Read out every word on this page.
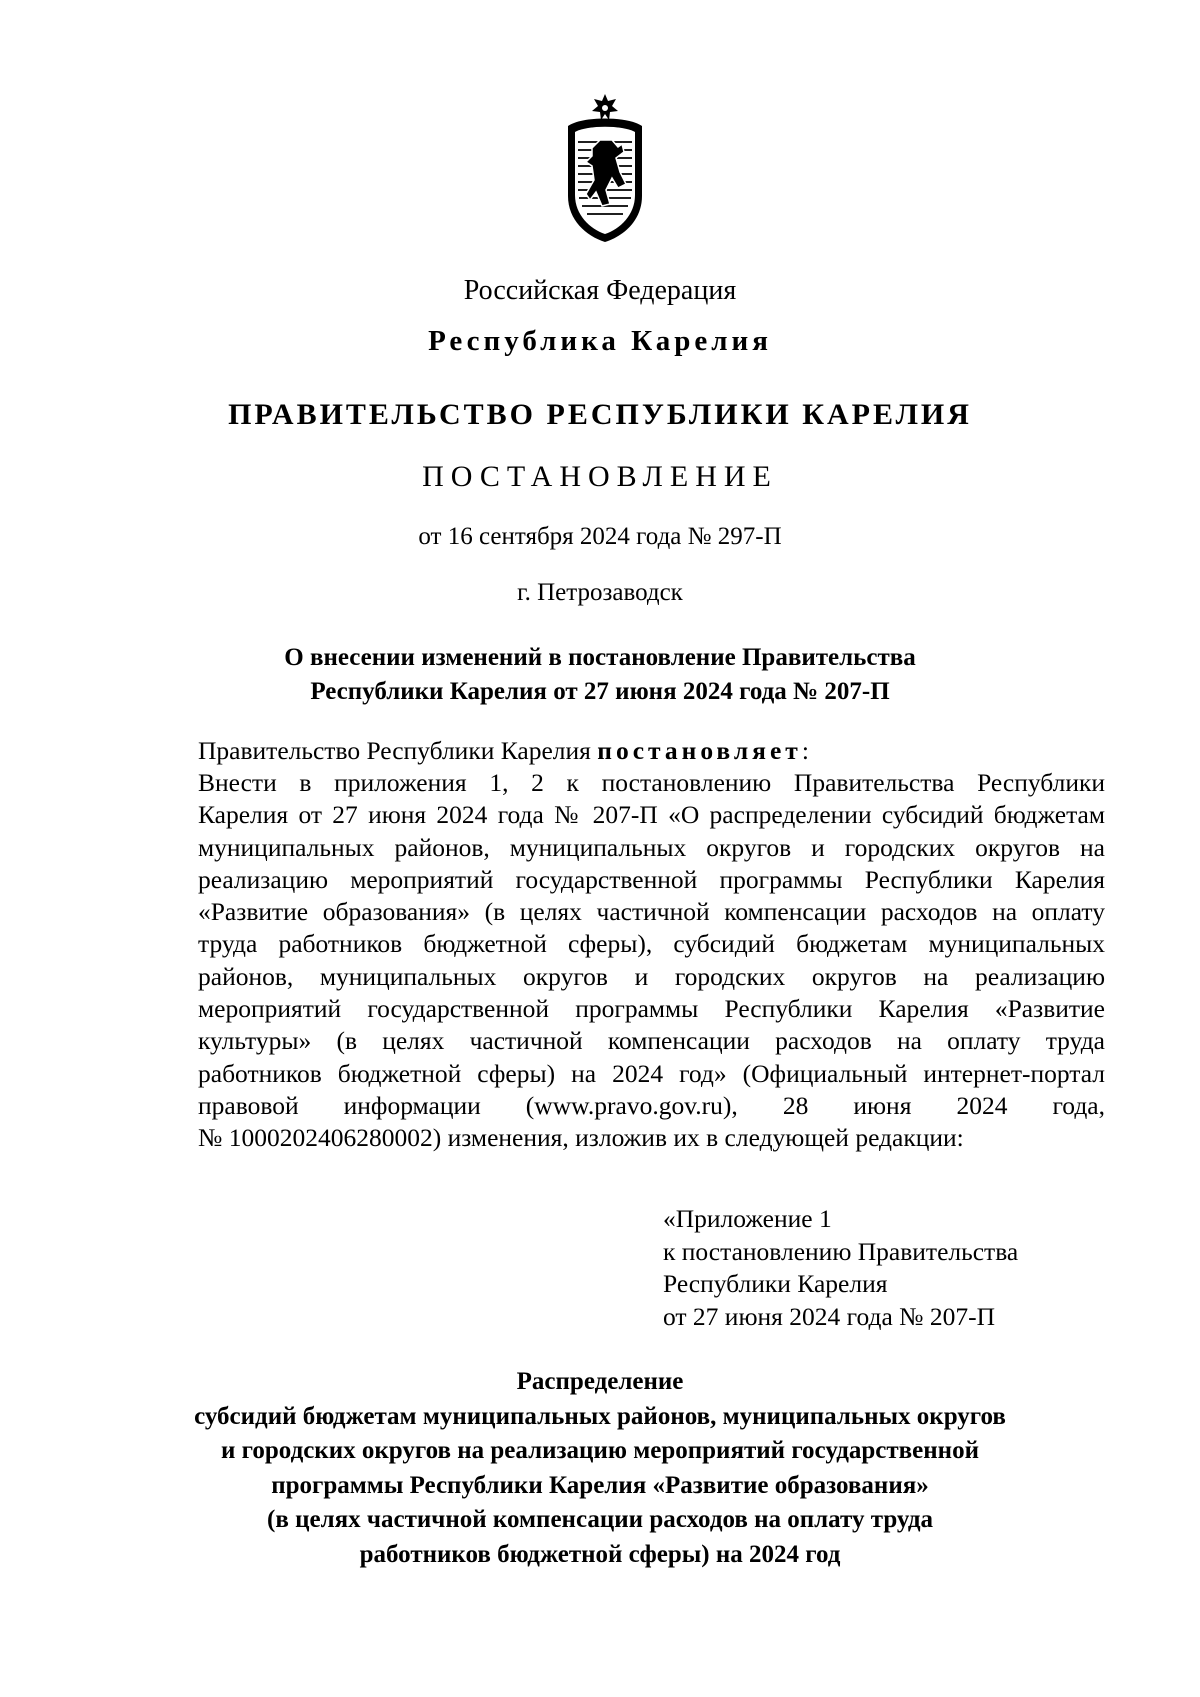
Российская Федерация
Республика Карелия
ПРАВИТЕЛЬСТВО РЕСПУБЛИКИ КАРЕЛИЯ
ПОСТАНОВЛЕНИЕ
от 16 сентября 2024 года № 297-П
г. Петрозаводск
О внесении изменений в постановление Правительства
Республики Карелия от 27 июня 2024 года № 207-П
Правительство Республики Карелия постановляет:
Внести в приложения 1, 2 к постановлению Правительства Республики
Карелия от 27 июня 2024 года № 207-П «О распределении субсидий бюджетам
муниципальных районов, муниципальных округов и городских округов на
реализацию мероприятий государственной программы Республики Карелия
«Развитие образования» (в целях частичной компенсации расходов на оплату
труда работников бюджетной сферы), субсидий бюджетам муниципальных
районов, муниципальных округов и городских округов на реализацию
мероприятий государственной программы Республики Карелия «Развитие
культуры» (в целях частичной компенсации расходов на оплату труда
работников бюджетной сферы) на 2024 год» (Официальный интернет-портал
правовой информации (www.pravo.gov.ru), 28 июня 2024 года,
№ 1000202406280002) изменения, изложив их в следующей редакции:
«Приложение 1
к постановлению Правительства
Республики Карелия
от 27 июня 2024 года № 207-П
Распределение
субсидий бюджетам муниципальных районов, муниципальных округов
и городских округов на реализацию мероприятий государственной
программы Республики Карелия «Развитие образования»
(в целях частичной компенсации расходов на оплату труда
работников бюджетной сферы) на 2024 год
